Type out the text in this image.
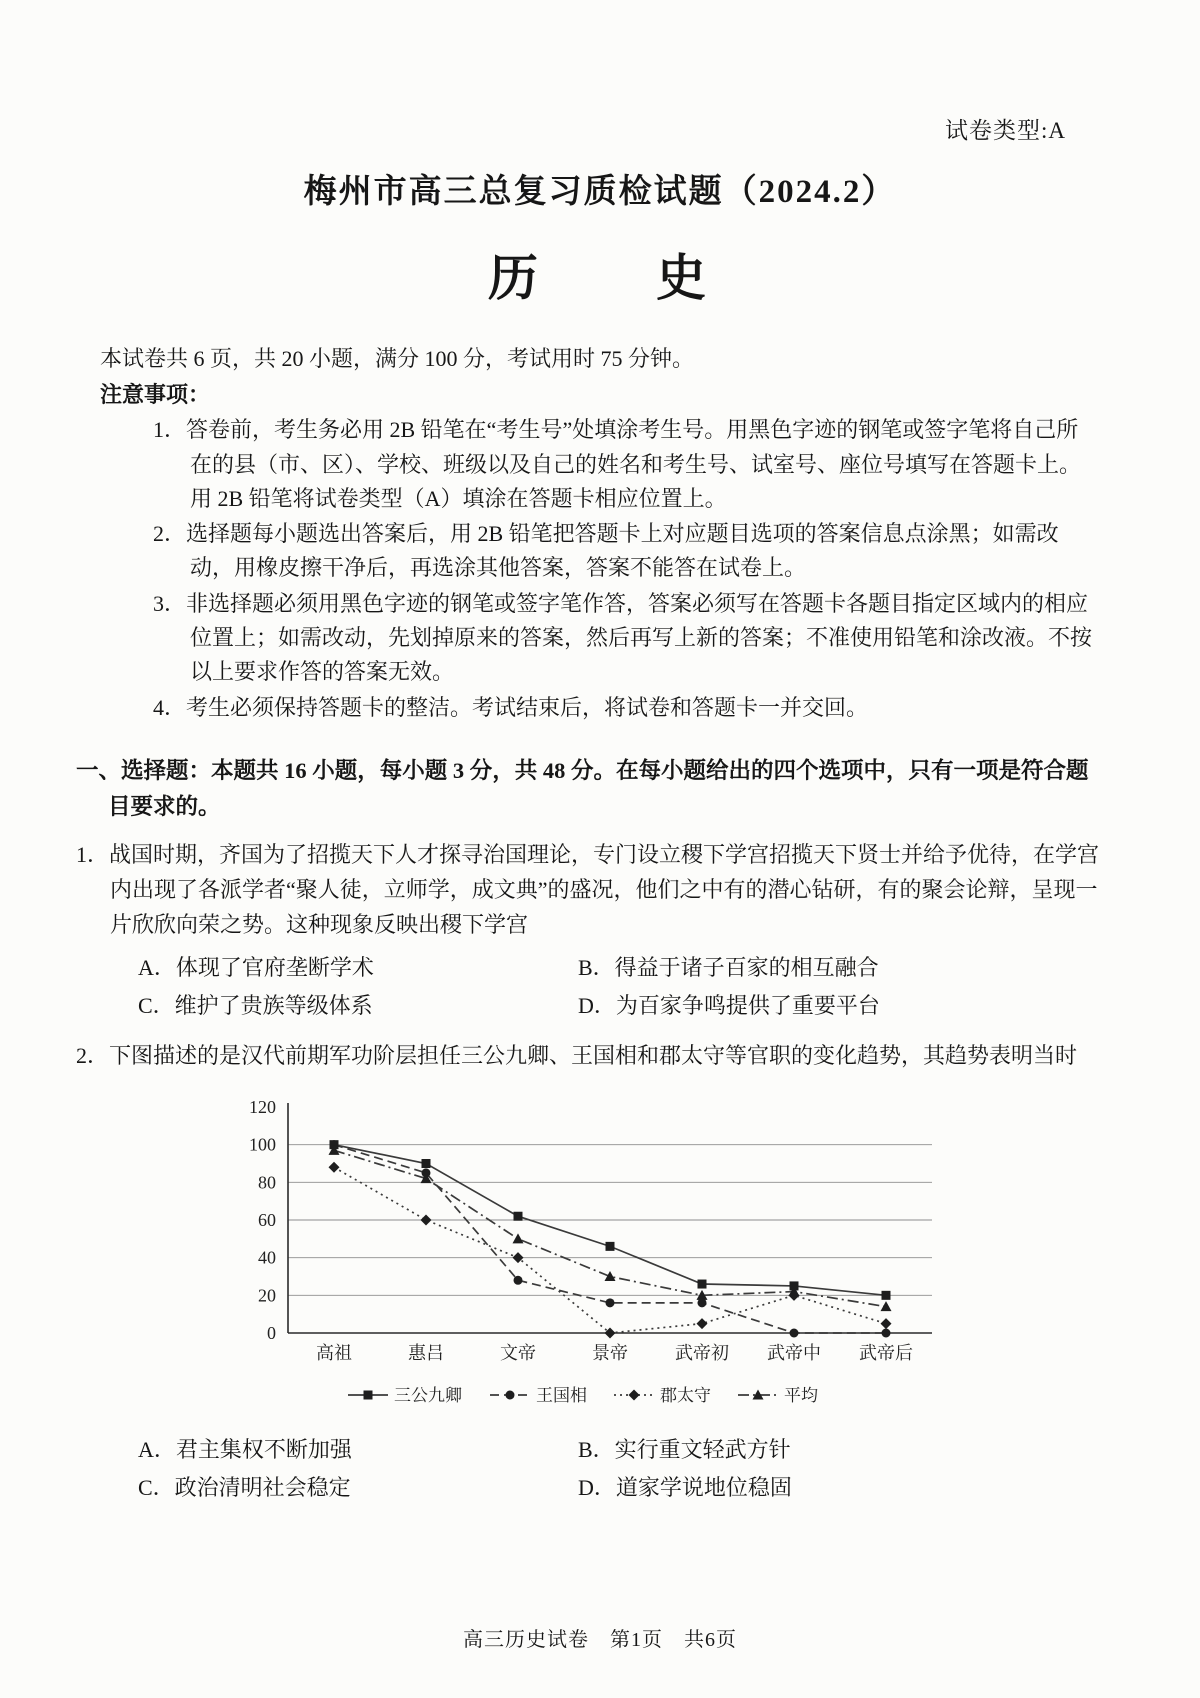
试卷类型:A
梅州市高三总复习质检试题（2024.2）
历　　史
本试卷共 6 页，共 20 小题，满分 100 分，考试用时 75 分钟。
注意事项：
1．答卷前，考生务必用 2B 铅笔在“考生号”处填涂考生号。用黑色字迹的钢笔或签字笔将自己所在的县（市、区）、学校、班级以及自己的姓名和考生号、试室号、座位号填写在答题卡上。用 2B 铅笔将试卷类型（A）填涂在答题卡相应位置上。
2．选择题每小题选出答案后，用 2B 铅笔把答题卡上对应题目选项的答案信息点涂黑；如需改动，用橡皮擦干净后，再选涂其他答案，答案不能答在试卷上。
3．非选择题必须用黑色字迹的钢笔或签字笔作答，答案必须写在答题卡各题目指定区域内的相应位置上；如需改动，先划掉原来的答案，然后再写上新的答案；不准使用铅笔和涂改液。不按以上要求作答的答案无效。
4．考生必须保持答题卡的整洁。考试结束后，将试卷和答题卡一并交回。
一、选择题：本题共 16 小题，每小题 3 分，共 48 分。在每小题给出的四个选项中，只有一项是符合题目要求的。
1．战国时期，齐国为了招揽天下人才探寻治国理论，专门设立稷下学宫招揽天下贤士并给予优待，在学宫内出现了各派学者“聚人徒，立师学，成文典”的盛况，他们之中有的潜心钻研，有的聚会论辩，呈现一片欣欣向荣之势。这种现象反映出稷下学宫
A．体现了官府垄断学术	B．得益于诸子百家的相互融合
C．维护了贵族等级体系	D．为百家争鸣提供了重要平台
2．下图描述的是汉代前期军功阶层担任三公九卿、王国相和郡太守等官职的变化趋势，其趋势表明当时
0
20
40
60
80
100
120
高祖	惠吕	文帝	景帝	武帝初 武帝中 武帝后
三公九卿	王国相	郡太守	平均
A．君主集权不断加强	B．实行重文轻武方针
C．政治清明社会稳定	D．道家学说地位稳固
高三历史试卷　第1页　共6页
